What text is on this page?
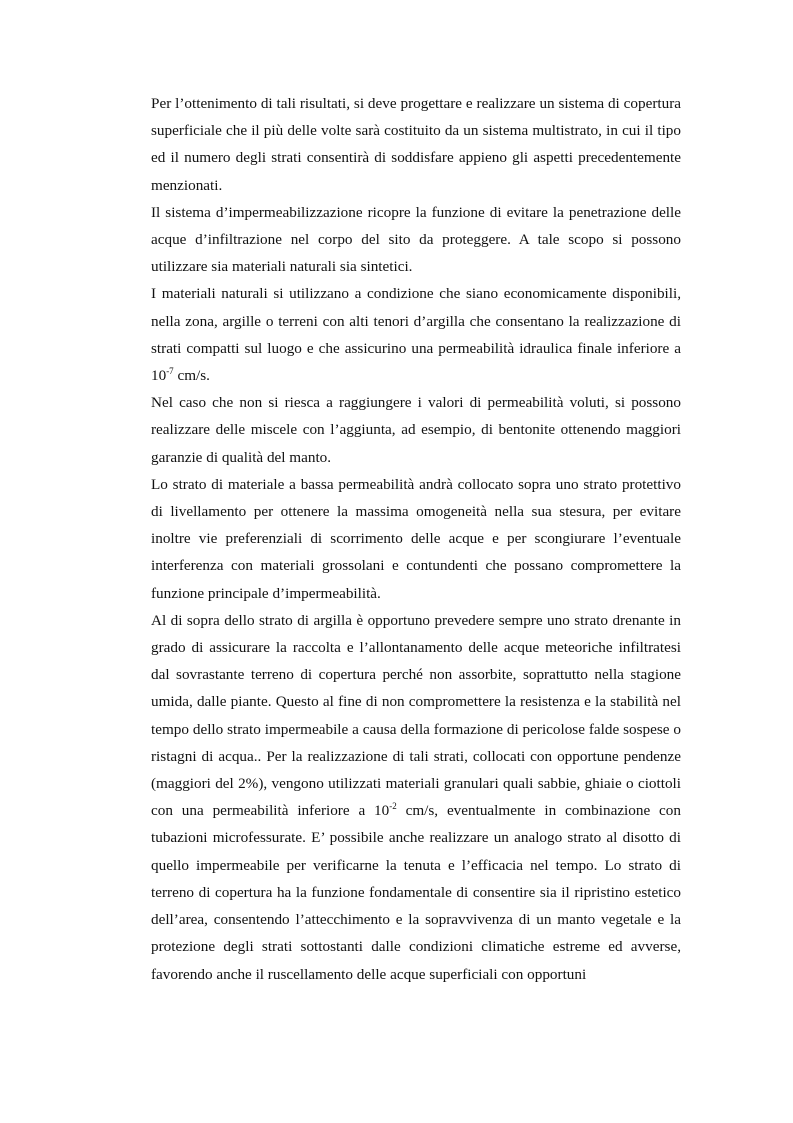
Per l’ottenimento di tali risultati, si deve progettare e realizzare un sistema di copertura superficiale che il più delle volte sarà costituito da un sistema multistrato, in cui il tipo ed il numero degli strati consentirà di soddisfare appieno gli aspetti precedentemente menzionati.

Il sistema d’impermeabilizzazione ricopre la funzione di evitare la penetrazione delle acque d’infiltrazione nel corpo del sito da proteggere. A tale scopo si possono utilizzare sia materiali naturali sia sintetici.

I materiali naturali si utilizzano a condizione che siano economicamente disponibili, nella zona, argille o terreni con alti tenori d’argilla che consentano la realizzazione di strati compatti sul luogo e che assicurino una permeabilità idraulica finale inferiore a $10^{-7}$ cm/s.

Nel caso che non si riesca a raggiungere i valori di permeabilità voluti, si possono realizzare delle miscele con l’aggiunta, ad esempio, di bentonite ottenendo maggiori garanzie di qualità del manto.

Lo strato di materiale a bassa permeabilità andrà collocato sopra uno strato protettivo di livellamento per ottenere la massima omogeneità nella sua stesura, per evitare inoltre vie preferenziali di scorrimento delle acque e per scongiurare l’eventuale interferenza con materiali grossolani e contundenti che possano compromettere la funzione principale d’impermeabilità.

Al di sopra dello strato di argilla è opportuno prevedere sempre uno strato drenante in grado di assicurare la raccolta e l’allontanamento delle acque meteoriche infiltratesi dal sovrastante terreno di copertura perché non assorbite, soprattutto nella stagione umida, dalle piante. Questo al fine di non compromettere la resistenza e la stabilità nel tempo dello strato impermeabile a causa della formazione di pericolose falde sospese o ristagni di acqua.. Per la realizzazione di tali strati, collocati con opportune pendenze (maggiori del 2%), vengono utilizzati materiali granulari quali sabbie, ghiaie o ciottoli con una permeabilità inferiore a $10^{-2}$ cm/s, eventualmente in combinazione con tubazioni microfessurate. E’ possibile anche realizzare un analogo strato al disotto di quello impermeabile per verificarne la tenuta e l’efficacia nel tempo. Lo strato di terreno di copertura ha la funzione fondamentale di consentire sia il ripristino estetico dell’area, consentendo l’attecchimento e la sopravvivenza di un manto vegetale e la protezione degli strati sottostanti dalle condizioni climatiche estreme ed avverse, favorendo anche il ruscellamento delle acque superficiali con opportuni
